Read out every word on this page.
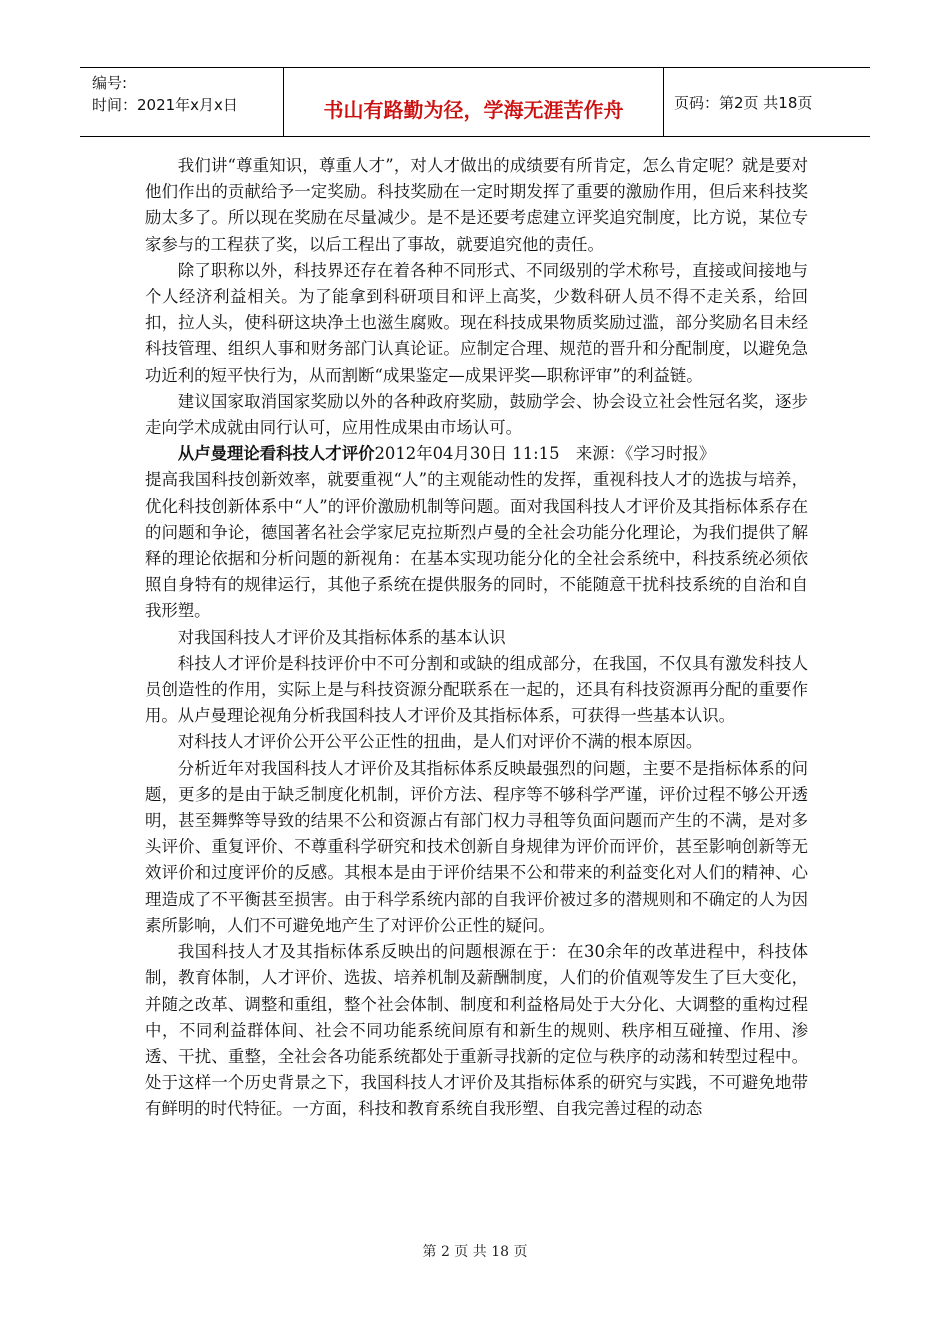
编号:
时间：2021年x月x日	书山有路勤为径，学海无涯苦作舟	页码：第2页 共18页

我们讲“尊重知识，尊重人才”，对人才做出的成绩要有所肯定，怎么肯定呢？就是要对他们作出的贡献给予一定奖励。科技奖励在一定时期发挥了重要的激励作用，但后来科技奖励太多了。所以现在奖励在尽量减少。是不是还要考虑建立评奖追究制度，比方说，某位专家参与的工程获了奖，以后工程出了事故，就要追究他的责任。

除了职称以外，科技界还存在着各种不同形式、不同级别的学术称号，直接或间接地与个人经济利益相关。为了能拿到科研项目和评上高奖，少数科研人员不得不走关系，给回扣，拉人头，使科研这块净土也滋生腐败。现在科技成果物质奖励过滥，部分奖励名目未经科技管理、组织人事和财务部门认真论证。应制定合理、规范的晋升和分配制度，以避免急功近利的短平快行为，从而割断“成果鉴定—成果评奖—职称评审”的利益链。

建议国家取消国家奖励以外的各种政府奖励，鼓励学会、协会设立社会性冠名奖，逐步走向学术成就由同行认可，应用性成果由市场认可。

从卢曼理论看科技人才评价2012年04月30日 11:15　来源：《学习时报》

提高我国科技创新效率，就要重视“人”的主观能动性的发挥，重视科技人才的选拔与培养，优化科技创新体系中“人”的评价激励机制等问题。面对我国科技人才评价及其指标体系存在的问题和争论，德国著名社会学家尼克拉斯烈卢曼的全社会功能分化理论，为我们提供了解释的理论依据和分析问题的新视角：在基本实现功能分化的全社会系统中，科技系统必须依照自身特有的规律运行，其他子系统在提供服务的同时，不能随意干扰科技系统的自治和自我形塑。

对我国科技人才评价及其指标体系的基本认识

科技人才评价是科技评价中不可分割和或缺的组成部分，在我国，不仅具有激发科技人员创造性的作用，实际上是与科技资源分配联系在一起的，还具有科技资源再分配的重要作用。从卢曼理论视角分析我国科技人才评价及其指标体系，可获得一些基本认识。

对科技人才评价公开公平公正性的扭曲，是人们对评价不满的根本原因。

分析近年对我国科技人才评价及其指标体系反映最强烈的问题，主要不是指标体系的问题，更多的是由于缺乏制度化机制，评价方法、程序等不够科学严谨，评价过程不够公开透明，甚至舞弊等导致的结果不公和资源占有部门权力寻租等负面问题而产生的不满，是对多头评价、重复评价、不尊重科学研究和技术创新自身规律为评价而评价，甚至影响创新等无效评价和过度评价的反感。其根本是由于评价结果不公和带来的利益变化对人们的精神、心理造成了不平衡甚至损害。由于科学系统内部的自我评价被过多的潜规则和不确定的人为因素所影响，人们不可避免地产生了对评价公正性的疑问。

我国科技人才及其指标体系反映出的问题根源在于：在30余年的改革进程中，科技体制，教育体制，人才评价、选拔、培养机制及薪酬制度，人们的价值观等发生了巨大变化，并随之改革、调整和重组，整个社会体制、制度和利益格局处于大分化、大调整的重构过程中，不同利益群体间、社会不同功能系统间原有和新生的规则、秩序相互碰撞、作用、渗透、干扰、重整，全社会各功能系统都处于重新寻找新的定位与秩序的动荡和转型过程中。处于这样一个历史背景之下，我国科技人才评价及其指标体系的研究与实践，不可避免地带有鲜明的时代特征。一方面，科技和教育系统自我形塑、自我完善过程的动态

第 2 页 共 18 页
